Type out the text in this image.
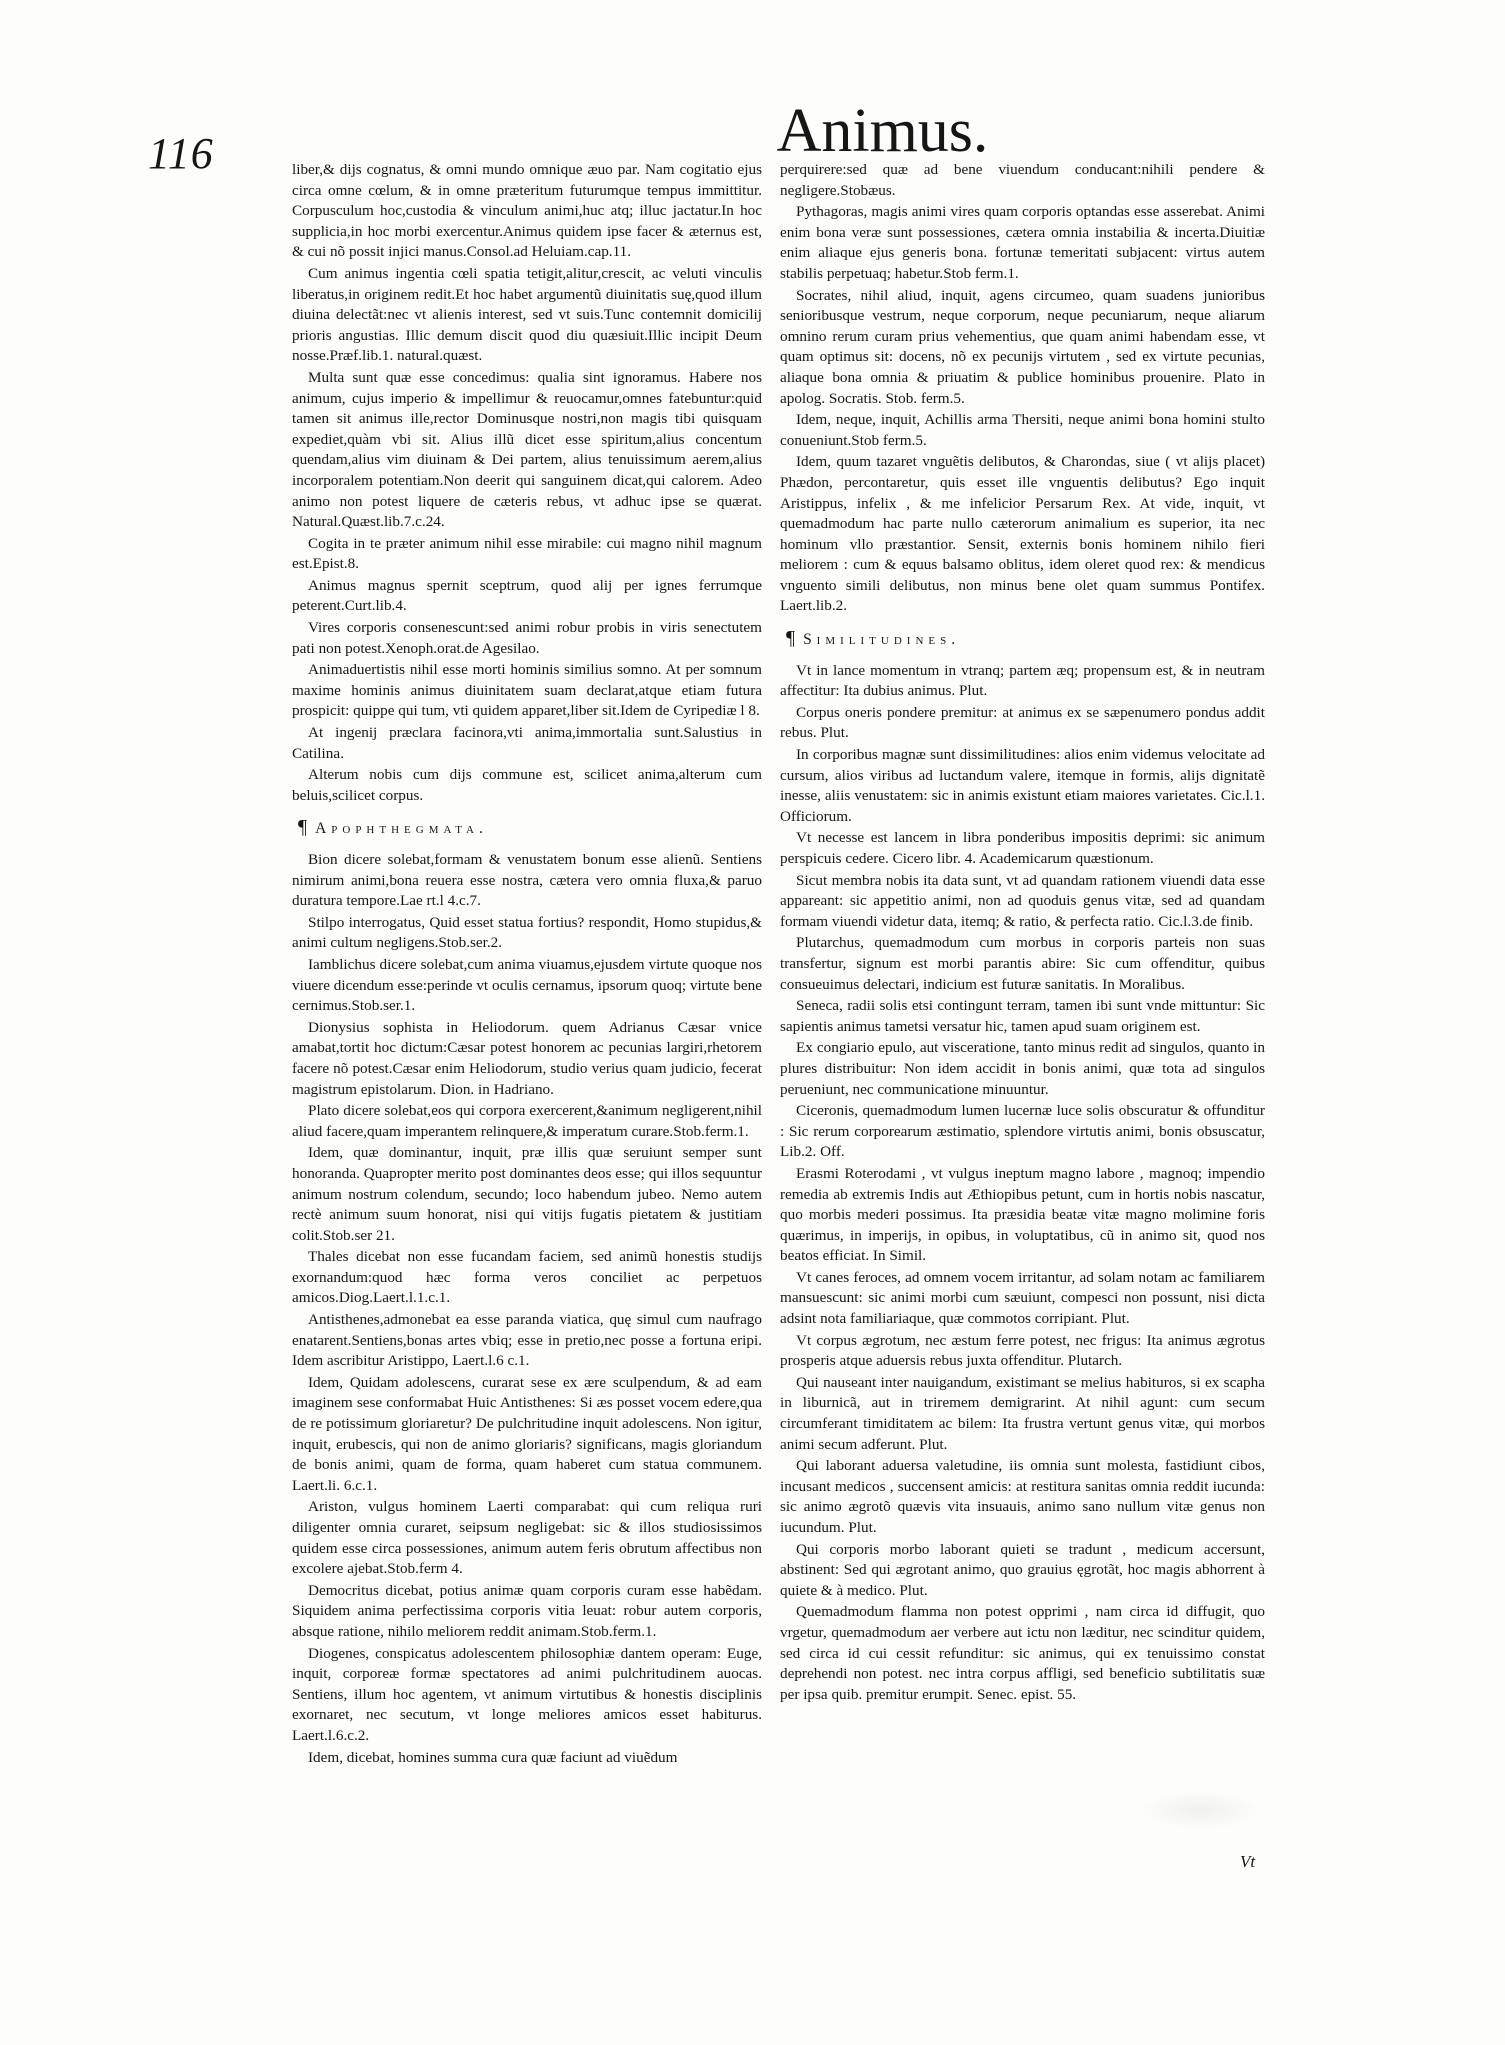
116	Animus.

liber,& dijs cognatus, & omni mundo omnique æuo par. Nam cogitatio ejus circa omne cœlum, & in omne præteritum futurumque tempus immittitur. Corpusculum hoc,custodia & vinculum animi,huc atq; illuc jactatur.In hoc supplicia,in hoc morbi exercentur.Animus quidem ipse facer & æternus est, & cui nõ possit injici manus.Consol.ad Heluiam.cap.11.

Cum animus ingentia cœli spatia tetigit,alitur,crescit, ac veluti vinculis liberatus,in originem redit.Et hoc habet argumentũ diuinitatis suę,quod illum diuina delectãt:nec vt alienis interest, sed vt suis.Tunc contemnit domicilij prioris angustias. Illic demum discit quod diu quæsiuit.Illic incipit Deum nosse.Præf.lib.1. natural.quæst.

Multa sunt quæ esse concedimus: qualia sint ignoramus. Habere nos animum, cujus imperio & impellimur & reuocamur,omnes fatebuntur:quid tamen sit animus ille,rector Dominusque nostri,non magis tibi quisquam expediet,quàm vbi sit. Alius illũ dicet esse spiritum,alius concentum quendam,alius vim diuinam & Dei partem, alius tenuissimum aerem,alius incorporalem potentiam.Non deerit qui sanguinem dicat,qui calorem. Adeo animo non potest liquere de cæteris rebus, vt adhuc ipse se quærat. Natural.Quæst.lib.7.c.24.

Cogita in te præter animum nihil esse mirabile: cui magno nihil magnum est.Epist.8.

Animus magnus spernit sceptrum, quod alij per ignes ferrumque peterent.Curt.lib.4.

Vires corporis consenescunt:sed animi robur probis in viris senectutem pati non potest.Xenoph.orat.de Agesilao.

Animaduertistis nihil esse morti hominis similius somno. At per somnum maxime hominis animus diuinitatem suam declarat,atque etiam futura prospicit: quippe qui tum, vti quidem apparet,liber sit.Idem de Cyripediæ l 8.

At ingenij præclara facinora,vti anima,immortalia sunt.Salustius in Catilina.

Alterum nobis cum dijs commune est, scilicet anima,alterum cum beluis,scilicet corpus.

¶ Apophthegmata.

Bion dicere solebat,formam & venustatem bonum esse alienũ. Sentiens nimirum animi,bona reuera esse nostra, cætera vero omnia fluxa,& paruo duratura tempore.Lae rt.l 4.c.7.

Stilpo interrogatus, Quid esset statua fortius? respondit, Homo stupidus,& animi cultum negligens.Stob.ser.2.

Iamblichus dicere solebat,cum anima viuamus,ejusdem virtute quoque nos viuere dicendum esse:perinde vt oculis cernamus, ipsorum quoq; virtute bene cernimus.Stob.ser.1.

Dionysius sophista in Heliodorum. quem Adrianus Cæsar vnice amabat,tortit hoc dictum:Cæsar potest honorem ac pecunias largiri,rhetorem facere nõ potest.Cæsar enim Heliodorum, studio verius quam judicio, fecerat magistrum epistolarum. Dion. in Hadriano.

Plato dicere solebat,eos qui corpora exercerent,&animum negligerent,nihil aliud facere,quam imperantem relinquere,& imperatum curare.Stob.ferm.1.

Idem, quæ dominantur, inquit, præ illis quæ seruiunt semper sunt honoranda. Quapropter merito post dominantes deos esse; qui illos sequuntur animum nostrum colendum, secundo; loco habendum jubeo. Nemo autem rectè animum suum honorat, nisi qui vitijs fugatis pietatem & justitiam colit.Stob.ser 21.

Thales dicebat non esse fucandam faciem, sed animũ honestis studijs exornandum:quod hæc forma veros conciliet ac perpetuos amicos.Diog.Laert.l.1.c.1.

Antisthenes,admonebat ea esse paranda viatica, quę simul cum naufrago enatarent.Sentiens,bonas artes vbiq; esse in pretio,nec posse a fortuna eripi. Idem ascribitur Aristippo, Laert.l.6 c.1.

Idem, Quidam adolescens, curarat sese ex ære sculpendum, & ad eam imaginem sese conformabat Huic Antisthenes: Si æs posset vocem edere,qua de re potissimum gloriaretur? De pulchritudine inquit adolescens. Non igitur, inquit, erubescis, qui non de animo gloriaris? significans, magis gloriandum de bonis animi, quam de forma, quam haberet cum statua communem. Laert.li. 6.c.1.

Ariston, vulgus hominem Laerti comparabat: qui cum reliqua ruri diligenter omnia curaret, seipsum negligebat: sic & illos studiosissimos quidem esse circa possessiones, animum autem feris obrutum affectibus non excolere ajebat.Stob.ferm 4.

Democritus dicebat, potius animæ quam corporis curam esse habẽdam. Siquidem anima perfectissima corporis vitia leuat: robur autem corporis, absque ratione, nihilo meliorem reddit animam.Stob.ferm.1.

Diogenes, conspicatus adolescentem philosophiæ dantem operam: Euge, inquit, corporeæ formæ spectatores ad animi pulchritudinem auocas. Sentiens, illum hoc agentem, vt animum virtutibus & honestis disciplinis exornaret, nec secutum, vt longe meliores amicos esset habiturus. Laert.l.6.c.2.

Idem, dicebat, homines summa cura quæ faciunt ad viuẽdum

perquirere:sed quæ ad bene viuendum conducant:nihili pendere & negligere.Stobæus.

Pythagoras, magis animi vires quam corporis optandas esse asserebat. Animi enim bona veræ sunt possessiones, cætera omnia instabilia & incerta.Diuitiæ enim aliaque ejus generis bona. fortunæ temeritati subjacent: virtus autem stabilis perpetuaq; habetur.Stob ferm.1.

Socrates, nihil aliud, inquit, agens circumeo, quam suadens junioribus senioribusque vestrum, neque corporum, neque pecuniarum, neque aliarum omnino rerum curam prius vehementius, que quam animi habendam esse, vt quam optimus sit: docens, nõ ex pecunijs virtutem , sed ex virtute pecunias, aliaque bona omnia & priuatim & publice hominibus prouenire. Plato in apolog. Socratis. Stob. ferm.5.

Idem, neque, inquit, Achillis arma Thersiti, neque animi bona homini stulto conueniunt.Stob ferm.5.

Idem, quum tazaret vnguẽtis delibutos, & Charondas, siue ( vt alijs placet) Phædon, percontaretur, quis esset ille vnguentis delibutus? Ego inquit Aristippus, infelix , & me infelicior Persarum Rex. At vide, inquit, vt quemadmodum hac parte nullo cæterorum animalium es superior, ita nec hominum vllo præstantior. Sensit, externis bonis hominem nihilo fieri meliorem : cum & equus balsamo oblitus, idem oleret quod rex: & mendicus vnguento simili delibutus, non minus bene olet quam summus Pontifex. Laert.lib.2.

¶ Similitudines.

Vt in lance momentum in vtranq; partem æq; propensum est, & in neutram affectitur: Ita dubius animus. Plut.

Corpus oneris pondere premitur: at animus ex se sæpenumero pondus addit rebus. Plut.

In corporibus magnæ sunt dissimilitudines: alios enim videmus velocitate ad cursum, alios viribus ad luctandum valere, itemque in formis, alijs dignitatẽ inesse, aliis venustatem: sic in animis existunt etiam maiores varietates. Cic.l.1. Officiorum.

Vt necesse est lancem in libra ponderibus impositis deprimi: sic animum perspicuis cedere. Cicero libr. 4. Academicarum quæstionum.

Sicut membra nobis ita data sunt, vt ad quandam rationem viuendi data esse appareant: sic appetitio animi, non ad quoduis genus vitæ, sed ad quandam formam viuendi videtur data, itemq; & ratio, & perfecta ratio. Cic.l.3.de finib.

Plutarchus, quemadmodum cum morbus in corporis parteis non suas transfertur, signum est morbi parantis abire: Sic cum offenditur, quibus consueuimus delectari, indicium est futuræ sanitatis. In Moralibus.

Seneca, radii solis etsi contingunt terram, tamen ibi sunt vnde mittuntur: Sic sapientis animus tametsi versatur hic, tamen apud suam originem est.

Ex congiario epulo, aut visceratione, tanto minus redit ad singulos, quanto in plures distribuitur: Non idem accidit in bonis animi, quæ tota ad singulos perueniunt, nec communicatione minuuntur.

Ciceronis, quemadmodum lumen lucernæ luce solis obscuratur & offunditur : Sic rerum corporearum æstimatio, splendore virtutis animi, bonis obsuscatur, Lib.2. Off.

Erasmi Roterodami , vt vulgus ineptum magno labore , magnoq; impendio remedia ab extremis Indis aut Æthiopibus petunt, cum in hortis nobis nascatur, quo morbis mederi possimus. Ita præsidia beatæ vitæ magno molimine foris quærimus, in imperijs, in opibus, in voluptatibus, cũ in animo sit, quod nos beatos efficiat. In Simil.

Vt canes feroces, ad omnem vocem irritantur, ad solam notam ac familiarem mansuescunt: sic animi morbi cum sæuiunt, compesci non possunt, nisi dicta adsint nota familiariaque, quæ commotos corripiant. Plut.

Vt corpus ægrotum, nec æstum ferre potest, nec frigus: Ita animus ægrotus prosperis atque aduersis rebus juxta offenditur. Plutarch.

Qui nauseant inter nauigandum, existimant se melius habituros, si ex scapha in liburnicã, aut in triremem demigrarint. At nihil agunt: cum secum circumferant timiditatem ac bilem: Ita frustra vertunt genus vitæ, qui morbos animi secum adferunt. Plut.

Qui laborant aduersa valetudine, iis omnia sunt molesta, fastidiunt cibos, incusant medicos , succensent amicis: at restitura sanitas omnia reddit iucunda: sic animo ægrotõ quævis vita insuauis, animo sano nullum vitæ genus non iucundum. Plut.

Qui corporis morbo laborant quieti se tradunt , medicum accersunt, abstinent: Sed qui ægrotant animo, quo grauius ęgrotãt, hoc magis abhorrent à quiete & à medico. Plut.

Quemadmodum flamma non potest opprimi , nam circa id diffugit, quo vrgetur, quemadmodum aer verbere aut ictu non læditur, nec scinditur quidem, sed circa id cui cessit refunditur: sic animus, qui ex tenuissimo constat deprehendi non potest. nec intra corpus affligi, sed beneficio subtilitatis suæ per ipsa quib. premitur erumpit. Senec. epist. 55.

Vt
